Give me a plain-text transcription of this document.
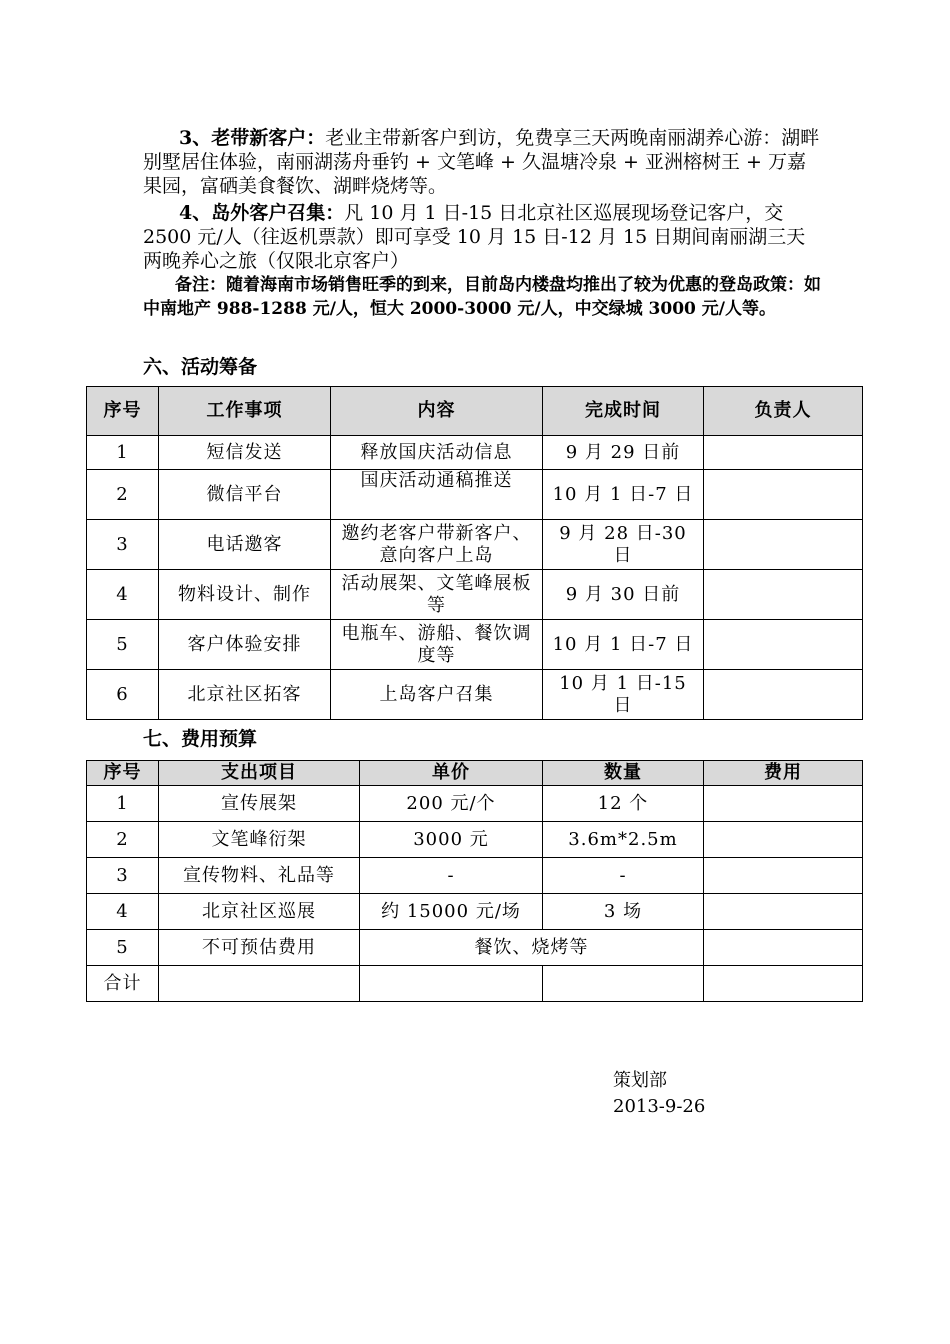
3、老带新客户：老业主带新客户到访，免费享三天两晚南丽湖养心游：湖畔别墅居住体验，南丽湖荡舟垂钓 + 文笔峰 + 久温塘冷泉 + 亚洲榕树王 + 万嘉果园，富硒美食餐饮、湖畔烧烤等。
4、岛外客户召集：凡 10 月 1 日-15 日北京社区巡展现场登记客户，交 2500 元/人（往返机票款）即可享受 10 月 15 日-12 月 15 日期间南丽湖三天两晚养心之旅（仅限北京客户）
备注：随着海南市场销售旺季的到来，目前岛内楼盘均推出了较为优惠的登岛政策：如中南地产 988-1288 元/人，恒大 2000-3000 元/人，中交绿城 3000 元/人等。
六、活动筹备
序号	工作事项	内容	完成时间	负责人
1	短信发送	释放国庆活动信息	9 月 29 日前	
2	微信平台	国庆活动通稿推送	10 月 1 日-7 日	
3	电话邀客	邀约老客户带新客户、意向客户上岛	9 月 28 日-30 日	
4	物料设计、制作	活动展架、文笔峰展板等	9 月 30 日前	
5	客户体验安排	电瓶车、游船、餐饮调度等	10 月 1 日-7 日	
6	北京社区拓客	上岛客户召集	10 月 1 日-15 日	
七、费用预算
序号	支出项目	单价	数量	费用
1	宣传展架	200 元/个	12 个	
2	文笔峰衍架	3000 元	3.6m*2.5m	
3	宣传物料、礼品等	-	-	
4	北京社区巡展	约 15000 元/场	3 场	
5	不可预估费用	餐饮、烧烤等		
合计				
策划部
2013-9-26
